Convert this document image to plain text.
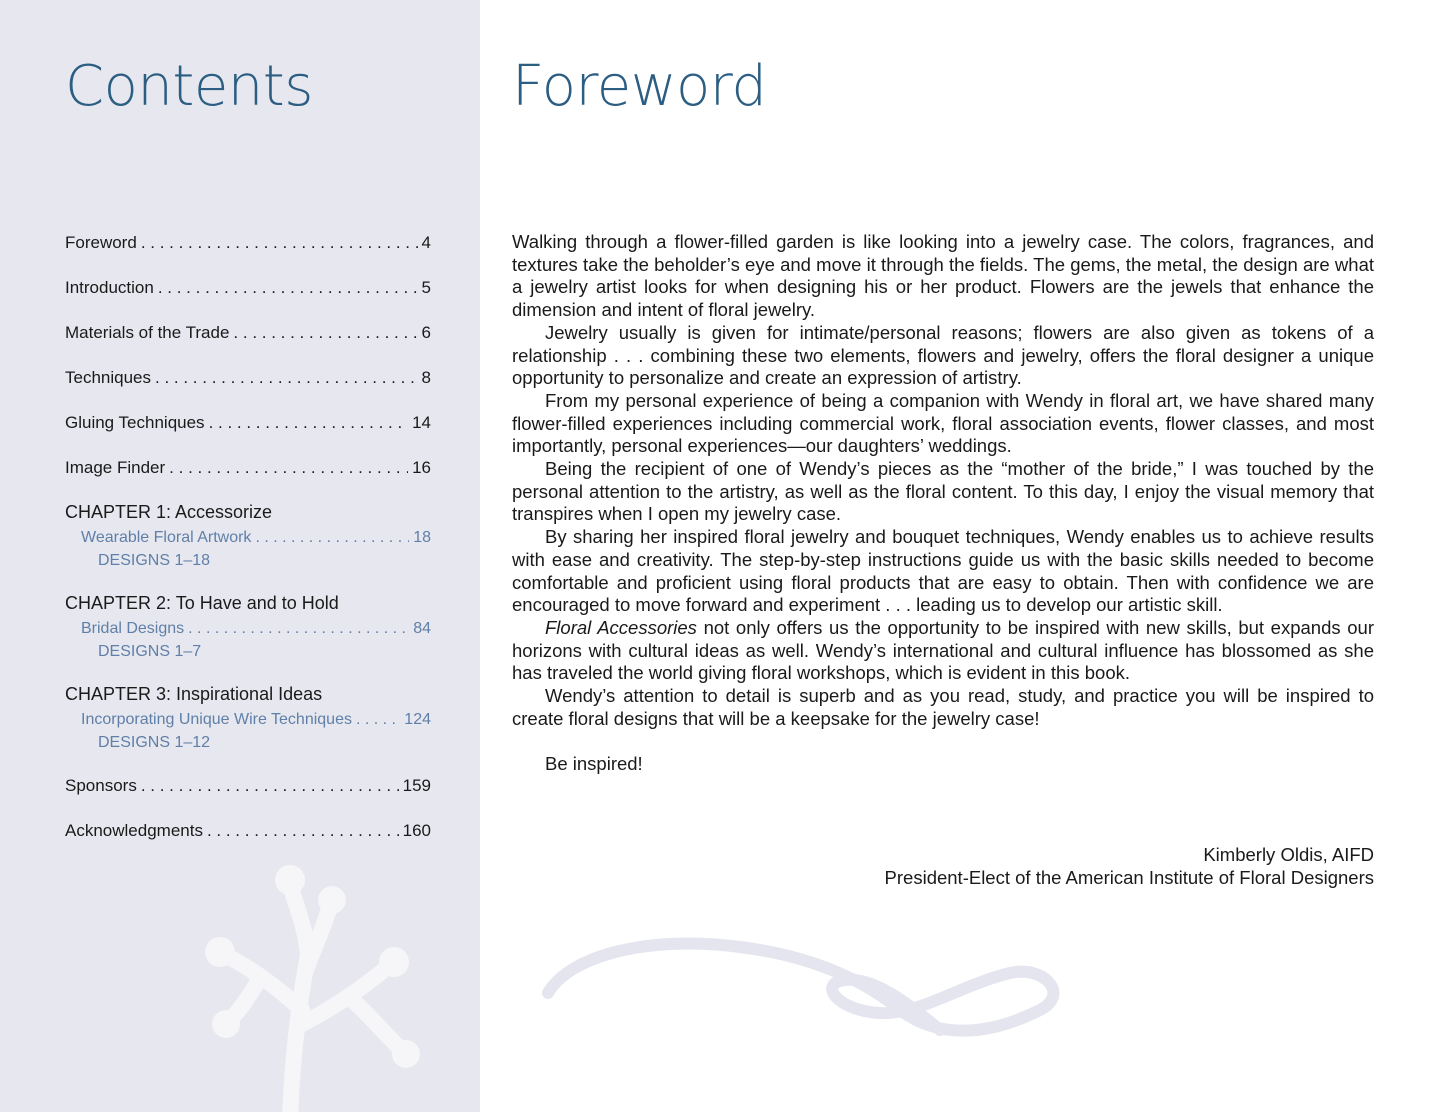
Contents
Foreword . . .	4
Introduction . . .	5
Materials of the Trade . . .	6
Techniques . . .	8
Gluing Techniques . . .	14
Image Finder . . .	16
CHAPTER 1: Accessorize
Wearable Floral Artwork . . .	18
DESIGNS 1–18
CHAPTER 2: To Have and to Hold
Bridal Designs . . .	84
DESIGNS 1–7
CHAPTER 3: Inspirational Ideas
Incorporating Unique Wire Techniques . . .	124
DESIGNS 1–12
Sponsors . . .	159
Acknowledgments . . .	160
Foreword

Walking through a flower-filled garden is like looking into a jewelry case. The colors, fragrances, and textures take the beholder’s eye and move it through the fields. The gems, the metal, the design are what a jewelry artist looks for when designing his or her product. Flowers are the jewels that enhance the dimension and intent of floral jewelry.

Jewelry usually is given for intimate/personal reasons; flowers are also given as tokens of a relationship . . . combining these two elements, flowers and jewelry, offers the floral designer a unique opportunity to personalize and create an expression of artistry.

From my personal experience of being a companion with Wendy in floral art, we have shared many flower-filled experiences including commercial work, floral association events, flower classes, and most importantly, personal experiences—our daughters’ weddings.

Being the recipient of one of Wendy’s pieces as the “mother of the bride,” I was touched by the personal attention to the artistry, as well as the floral content. To this day, I enjoy the visual memory that transpires when I open my jewelry case.

By sharing her inspired floral jewelry and bouquet techniques, Wendy enables us to achieve results with ease and creativity. The step-by-step instructions guide us with the basic skills needed to become comfortable and proficient using floral products that are easy to obtain. Then with confidence we are encouraged to move forward and experiment . . . leading us to develop our artistic skill.

Floral Accessories not only offers us the opportunity to be inspired with new skills, but expands our horizons with cultural ideas as well. Wendy’s international and cultural influence has blossomed as she has traveled the world giving floral workshops, which is evident in this book.

Wendy’s attention to detail is superb and as you read, study, and practice you will be inspired to create floral designs that will be a keepsake for the jewelry case!

Be inspired!

Kimberly Oldis, AIFD
President-Elect of the American Institute of Floral Designers
